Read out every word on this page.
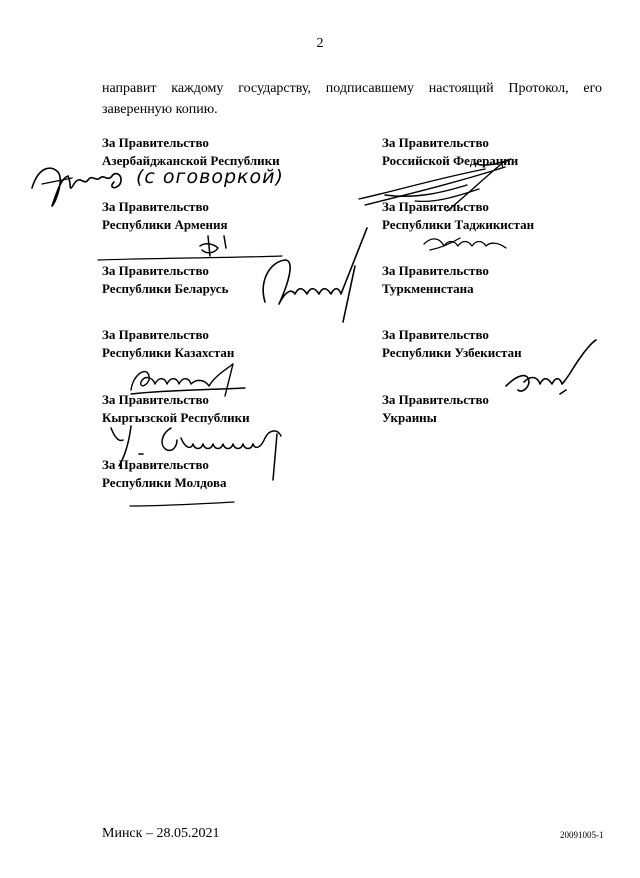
2
направит каждому государству, подписавшему настоящий Протокол, его
заверенную копию.
За Правительство
Азербайджанской Республики
За Правительство
Республики Армения
За Правительство
Республики Беларусь
За Правительство
Республики Казахстан
За Правительство
Кыргызской Республики
За Правительство
Республики Молдова
За Правительство
Российской Федерации
За Правительство
Республики Таджикистан
За Правительство
Туркменистана
За Правительство
Республики Узбекистан
За Правительство
Украины
(с оговоркой)
Минск – 28.05.2021	20091005-1
